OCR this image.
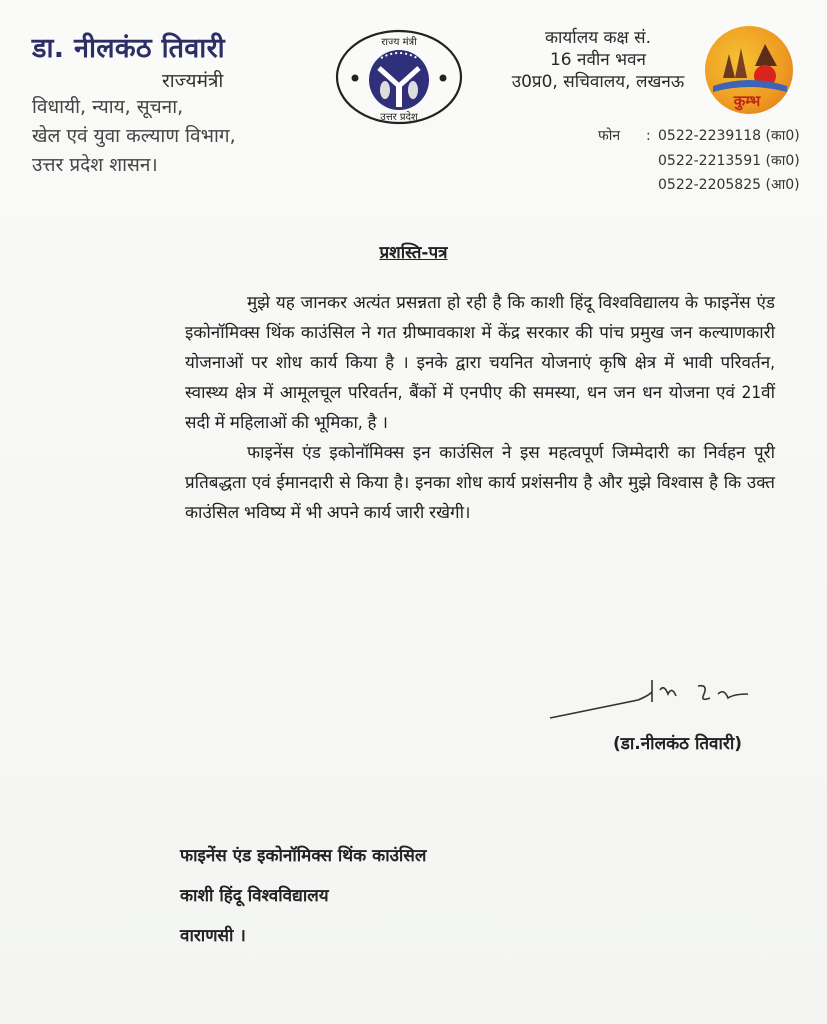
डा. नीलकंठ तिवारी
राज्यमंत्री
विधायी, न्याय, सूचना,
खेल एवं युवा कल्याण विभाग,
उत्तर प्रदेश शासन।
राज्य मंत्री
उत्तर प्रदेश
कार्यालय कक्ष सं.
16 नवीन भवन
उ0प्र0, सचिवालय, लखनऊ
कुम्भ
फोन	: 0522-2239118
(का0)
0522-2213591
(का0)
0522-2205825
(आ0)
प्रशस्ति-पत्र

मुझे यह जानकर अत्यंत प्रसन्नता हो रही है कि काशी हिंदू विश्वविद्यालय के फाइनेंस एंड इकोनॉमिक्स थिंक काउंसिल ने गत ग्रीष्मावकाश में केंद्र सरकार की पांच प्रमुख जन कल्याणकारी योजनाओं पर शोध कार्य किया है । इनके द्वारा चयनित योजनाएं कृषि क्षेत्र में भावी परिवर्तन, स्वास्थ्य क्षेत्र में आमूलचूल परिवर्तन, बैंकों में एनपीए की समस्या, धन जन धन योजना एवं 21वीं सदी में महिलाओं की भूमिका, है ।

फाइनेंस एंड इकोनॉमिक्स इन काउंसिल ने इस महत्वपूर्ण जिम्मेदारी का निर्वहन पूरी प्रतिबद्धता एवं ईमानदारी से किया है। इनका शोध कार्य प्रशंसनीय है और मुझे विश्वास है कि उक्त काउंसिल भविष्य में भी अपने कार्य जारी रखेगी।

(डा.नीलकंठ तिवारी)
फाइनेंस एंड इकोनॉमिक्स थिंक काउंसिल
काशी हिंदू विश्वविद्यालय
वाराणसी ।
